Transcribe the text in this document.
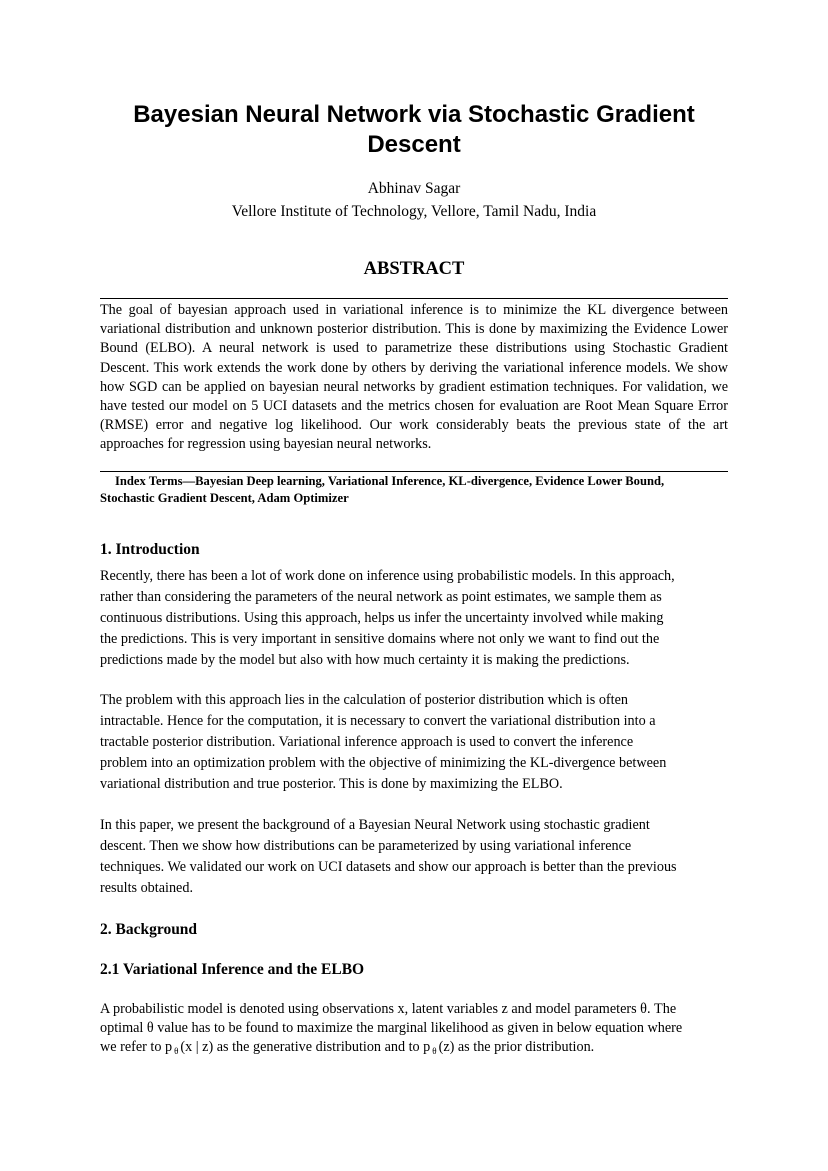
Bayesian Neural Network via Stochastic Gradient
Descent
Abhinav Sagar
Vellore Institute of Technology, Vellore, Tamil Nadu, India
ABSTRACT

The goal of bayesian approach used in variational inference is to minimize the KL divergence between variational distribution and unknown posterior distribution. This is done by maximizing the Evidence Lower Bound (ELBO). A neural network is used to parametrize these distributions using Stochastic Gradient Descent. This work extends the work done by others by deriving the variational inference models. We show how SGD can be applied on bayesian neural networks by gradient estimation techniques. For validation, we have tested our model on 5 UCI datasets and the metrics chosen for evaluation are Root Mean Square Error (RMSE) error and negative log likelihood. Our work considerably beats the previous state of the art approaches for regression using bayesian neural networks.

Index Terms—Bayesian Deep learning, Variational Inference, KL-divergence, Evidence Lower Bound,
Stochastic Gradient Descent, Adam Optimizer

1. Introduction

Recently, there has been a lot of work done on inference using probabilistic models. In this approach,
rather than considering the parameters of the neural network as point estimates, we sample them as
continuous distributions. Using this approach, helps us infer the uncertainty involved while making
the predictions. This is very important in sensitive domains where not only we want to find out the
predictions made by the model but also with how much certainty it is making the predictions.

The problem with this approach lies in the calculation of posterior distribution which is often
intractable. Hence for the computation, it is necessary to convert the variational distribution into a
tractable posterior distribution. Variational inference approach is used to convert the inference
problem into an optimization problem with the objective of minimizing the KL-divergence between
variational distribution and true posterior. This is done by maximizing the ELBO.

In this paper, we present the background of a Bayesian Neural Network using stochastic gradient
descent. Then we show how distributions can be parameterized by using variational inference
techniques. We validated our work on UCI datasets and show our approach is better than the previous
results obtained.

2. Background
2.1 Variational Inference and the ELBO

A probabilistic model is denoted using observations x, latent variables z and model parameters θ. The
optimal θ value has to be found to maximize the marginal likelihood as given in below equation where
we refer to p $_\theta$ (x | z) as the generative distribution and to p $_\theta$ (z) as the prior distribution.
